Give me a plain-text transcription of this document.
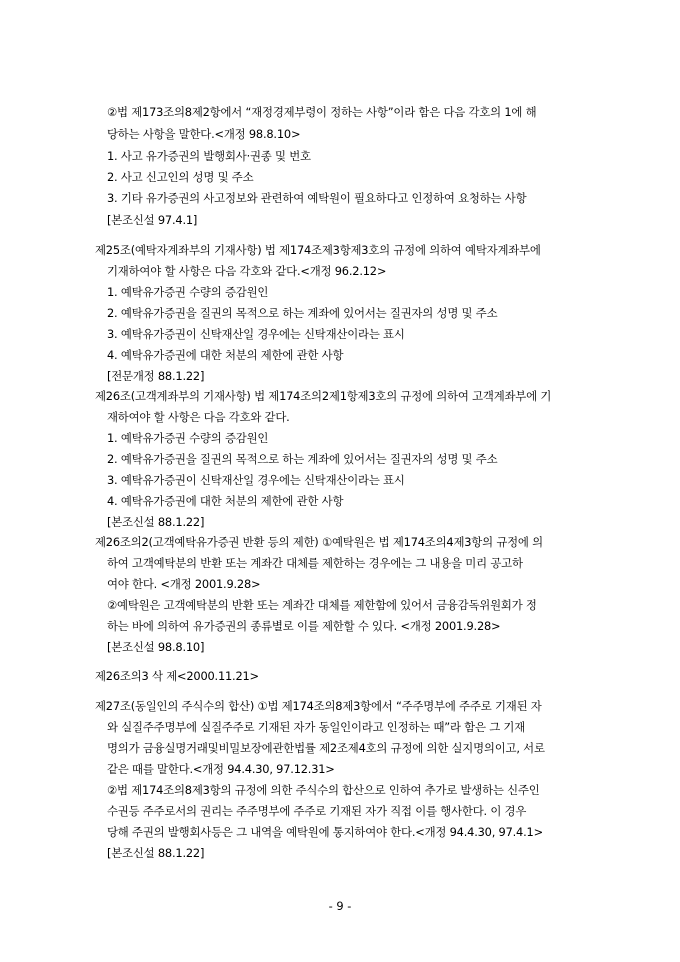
②법 제173조의8제2항에서 “재정경제부령이 정하는 사항”이라 함은 다음 각호의 1에 해
당하는 사항을 말한다.<개정 98.8.10>
1. 사고 유가증권의 발행회사·권종 및 번호
2. 사고 신고인의 성명 및 주소
3. 기타 유가증권의 사고정보와 관련하여 예탁원이 필요하다고 인정하여 요청하는 사항
[본조신설 97.4.1]
제25조(예탁자계좌부의 기재사항) 법 제174조제3항제3호의 규정에 의하여 예탁자계좌부에
기재하여야 할 사항은 다음 각호와 같다.<개정 96.2.12>
1. 예탁유가증권 수량의 증감원인
2. 예탁유가증권을 질권의 목적으로 하는 계좌에 있어서는 질권자의 성명 및 주소
3. 예탁유가증권이 신탁재산일 경우에는 신탁재산이라는 표시
4. 예탁유가증권에 대한 처분의 제한에 관한 사항
[전문개정 88.1.22]
제26조(고객계좌부의 기재사항) 법 제174조의2제1항제3호의 규정에 의하여 고객계좌부에 기
재하여야 할 사항은 다음 각호와 같다.
1. 예탁유가증권 수량의 증감원인
2. 예탁유가증권을 질권의 목적으로 하는 계좌에 있어서는 질권자의 성명 및 주소
3. 예탁유가증권이 신탁재산일 경우에는 신탁재산이라는 표시
4. 예탁유가증권에 대한 처분의 제한에 관한 사항
[본조신설 88.1.22]
제26조의2(고객예탁유가증권 반환 등의 제한) ①예탁원은 법 제174조의4제3항의 규정에 의
하여 고객예탁분의 반환 또는 계좌간 대체를 제한하는 경우에는 그 내용을 미리 공고하
여야 한다. <개정 2001.9.28>
②예탁원은 고객예탁분의 반환 또는 계좌간 대체를 제한함에 있어서 금융감독위원회가 정
하는 바에 의하여 유가증권의 종류별로 이를 제한할 수 있다. <개정 2001.9.28>
[본조신설 98.8.10]
제26조의3 삭 제<2000.11.21>
제27조(동일인의 주식수의 합산) ①법 제174조의8제3항에서 “주주명부에 주주로 기재된 자
와 실질주주명부에 실질주주로 기재된 자가 동일인이라고 인정하는 때”라 함은 그 기재
명의가 금융실명거래및비밀보장에관한법률 제2조제4호의 규정에 의한 실지명의이고, 서로
같은 때를 말한다.<개정 94.4.30, 97.12.31>
②법 제174조의8제3항의 규정에 의한 주식수의 합산으로 인하여 추가로 발생하는 신주인
수권등 주주로서의 권리는 주주명부에 주주로 기재된 자가 직접 이를 행사한다. 이 경우
당해 주권의 발행회사등은 그 내역을 예탁원에 통지하여야 한다.<개정 94.4.30, 97.4.1>
[본조신설 88.1.22]
- 9 -
